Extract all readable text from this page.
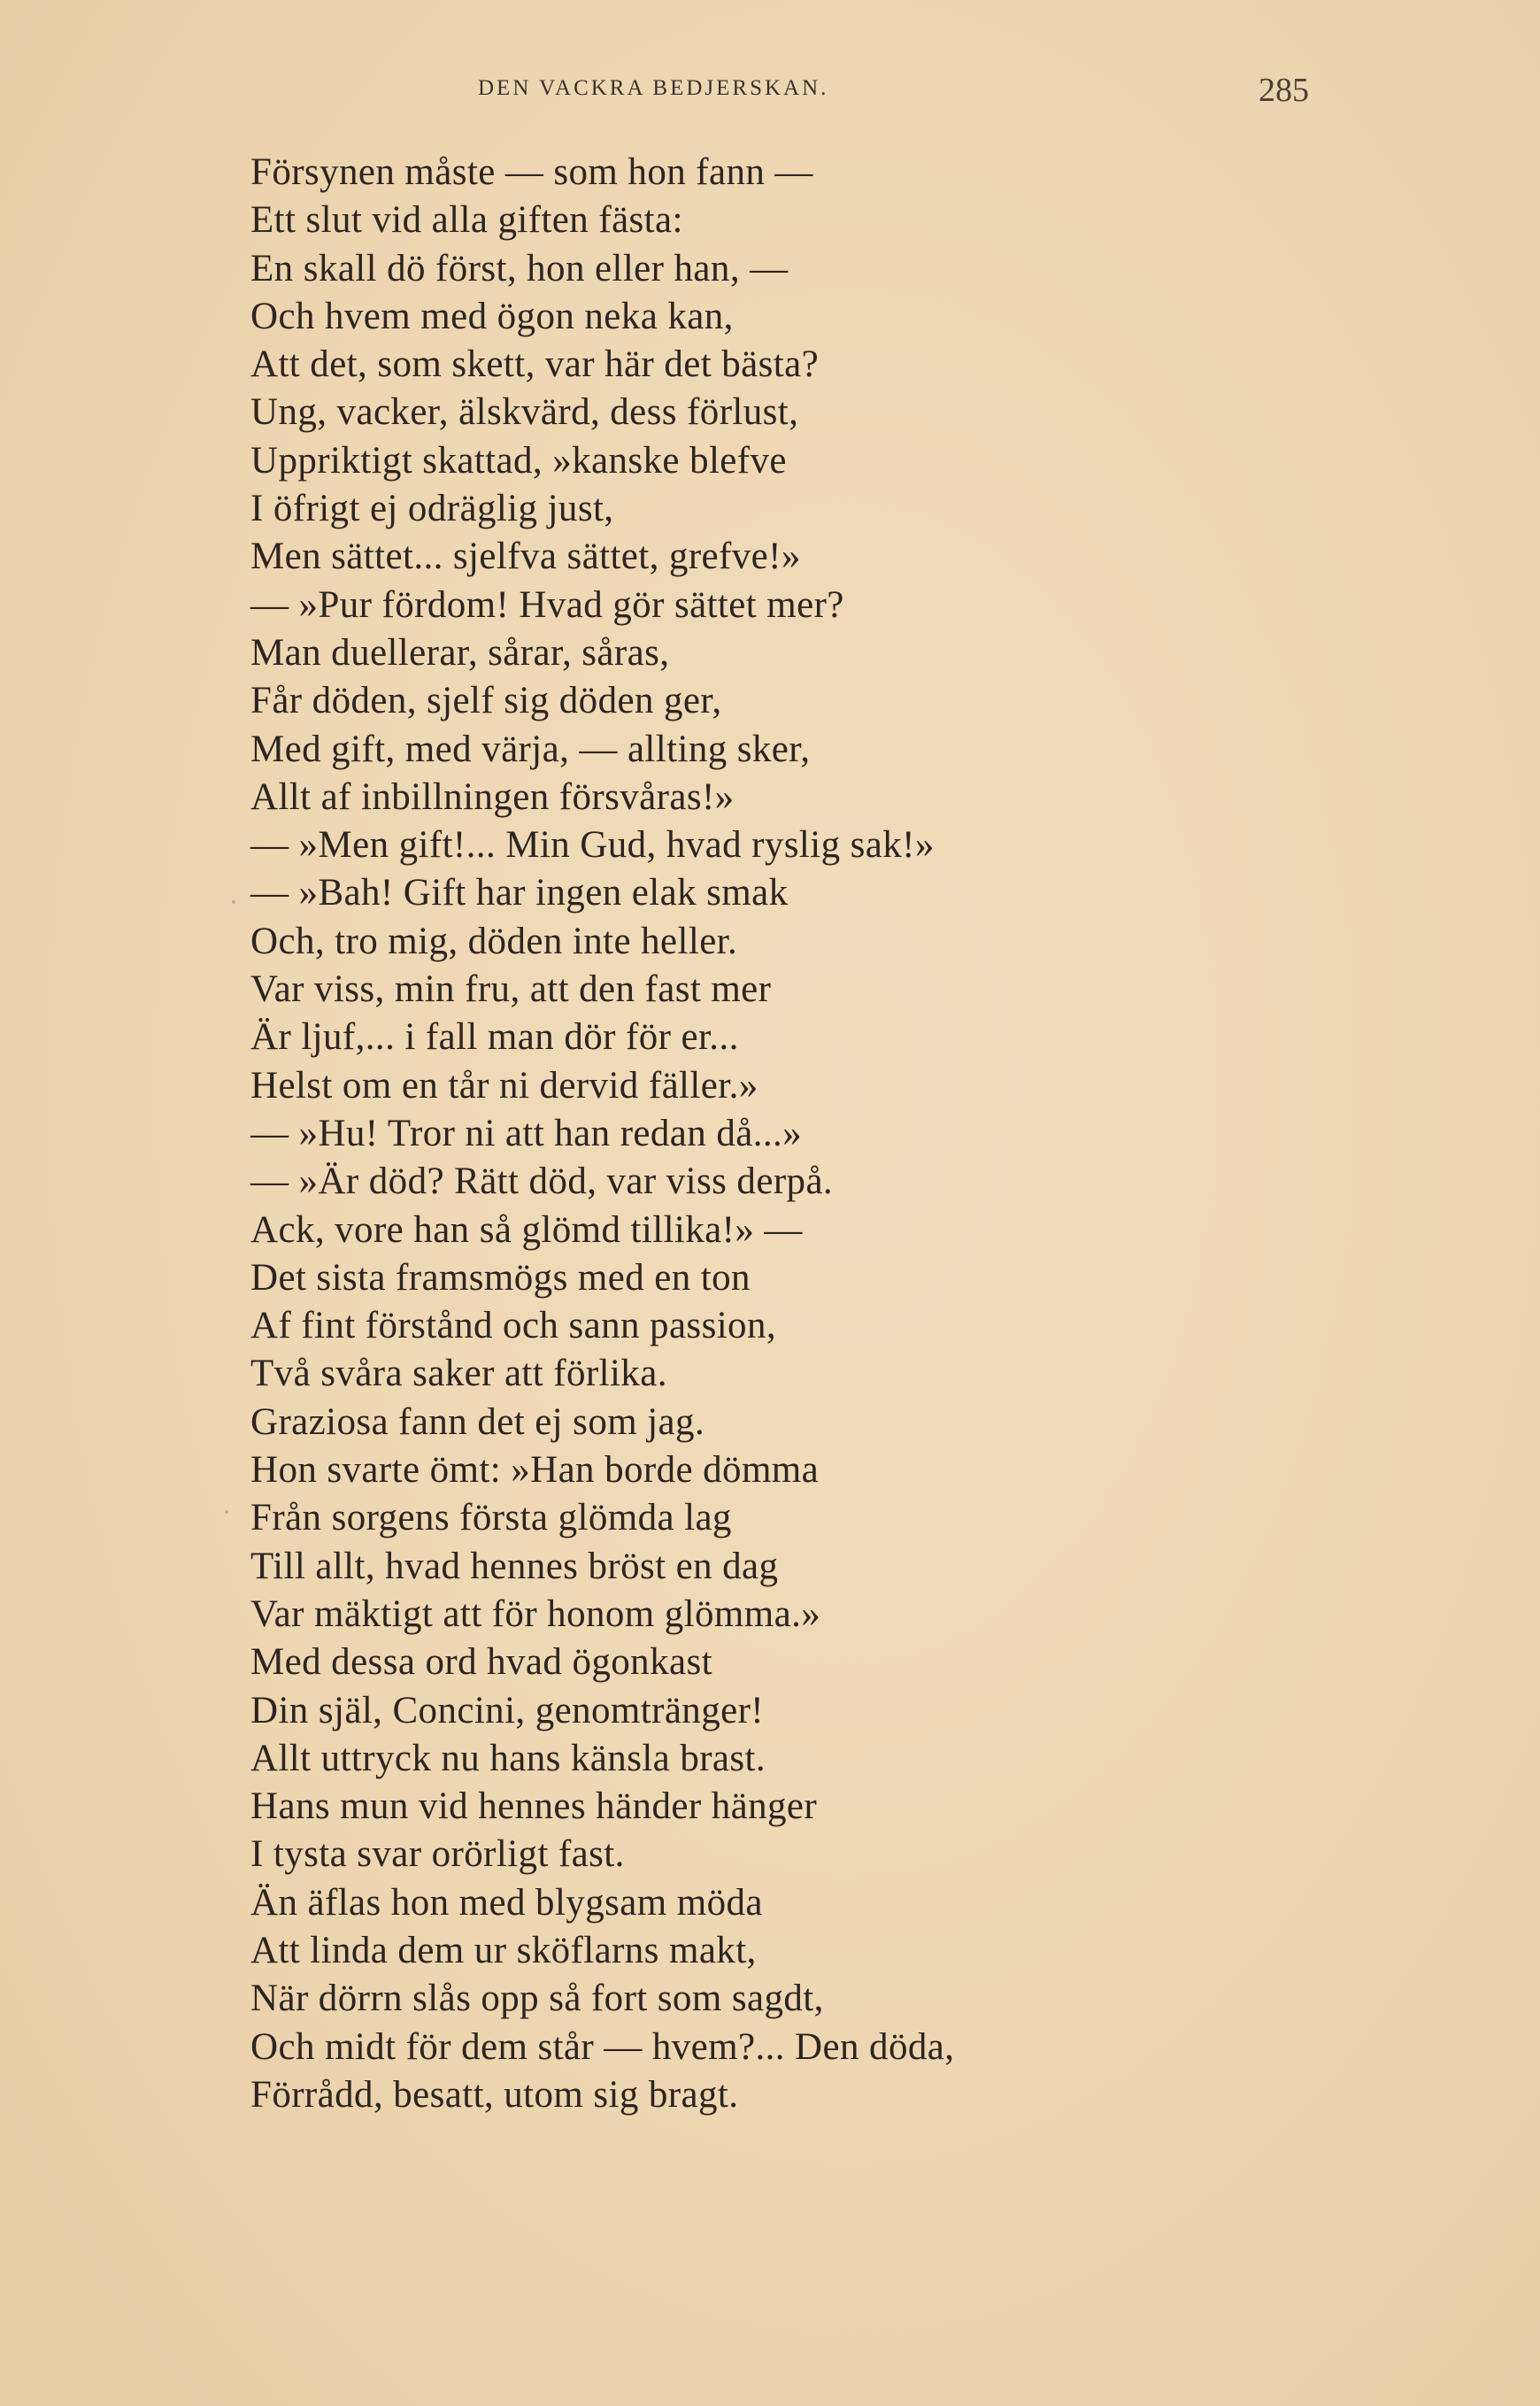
DEN VACKRA BEDJERSKAN.	285
Försynen måste — som hon fann —
Ett slut vid alla giften fästa:
En skall dö först, hon eller han, —
Och hvem med ögon neka kan,
Att det, som skett, var här det bästa?
Ung, vacker, älskvärd, dess förlust,
Uppriktigt skattad, »kanske blefve
I öfrigt ej odräglig just,
Men sättet... sjelfva sättet, grefve!»
— »Pur fördom! Hvad gör sättet mer?
Man duellerar, sårar, såras,
Får döden, sjelf sig döden ger,
Med gift, med värja, — allting sker,
Allt af inbillningen försvåras!»
— »Men gift!... Min Gud, hvad ryslig sak!»
— »Bah! Gift har ingen elak smak
Och, tro mig, döden inte heller.
Var viss, min fru, att den fast mer
Är ljuf,... i fall man dör för er...
Helst om en tår ni dervid fäller.»
— »Hu! Tror ni att han redan då...»
— »Är död? Rätt död, var viss derpå.
Ack, vore han så glömd tillika!» —
Det sista framsmögs med en ton
Af fint förstånd och sann passion,
Två svåra saker att förlika.
Graziosa fann det ej som jag.
Hon svarte ömt: »Han borde dömma
Från sorgens första glömda lag
Till allt, hvad hennes bröst en dag
Var mäktigt att för honom glömma.»
Med dessa ord hvad ögonkast
Din själ, Concini, genomtränger!
Allt uttryck nu hans känsla brast.
Hans mun vid hennes händer hänger
I tysta svar orörligt fast.
Än äflas hon med blygsam möda
Att linda dem ur sköflarns makt,
När dörrn slås opp så fort som sagdt,
Och midt för dem står — hvem?... Den döda,
Förrådd, besatt, utom sig bragt.
